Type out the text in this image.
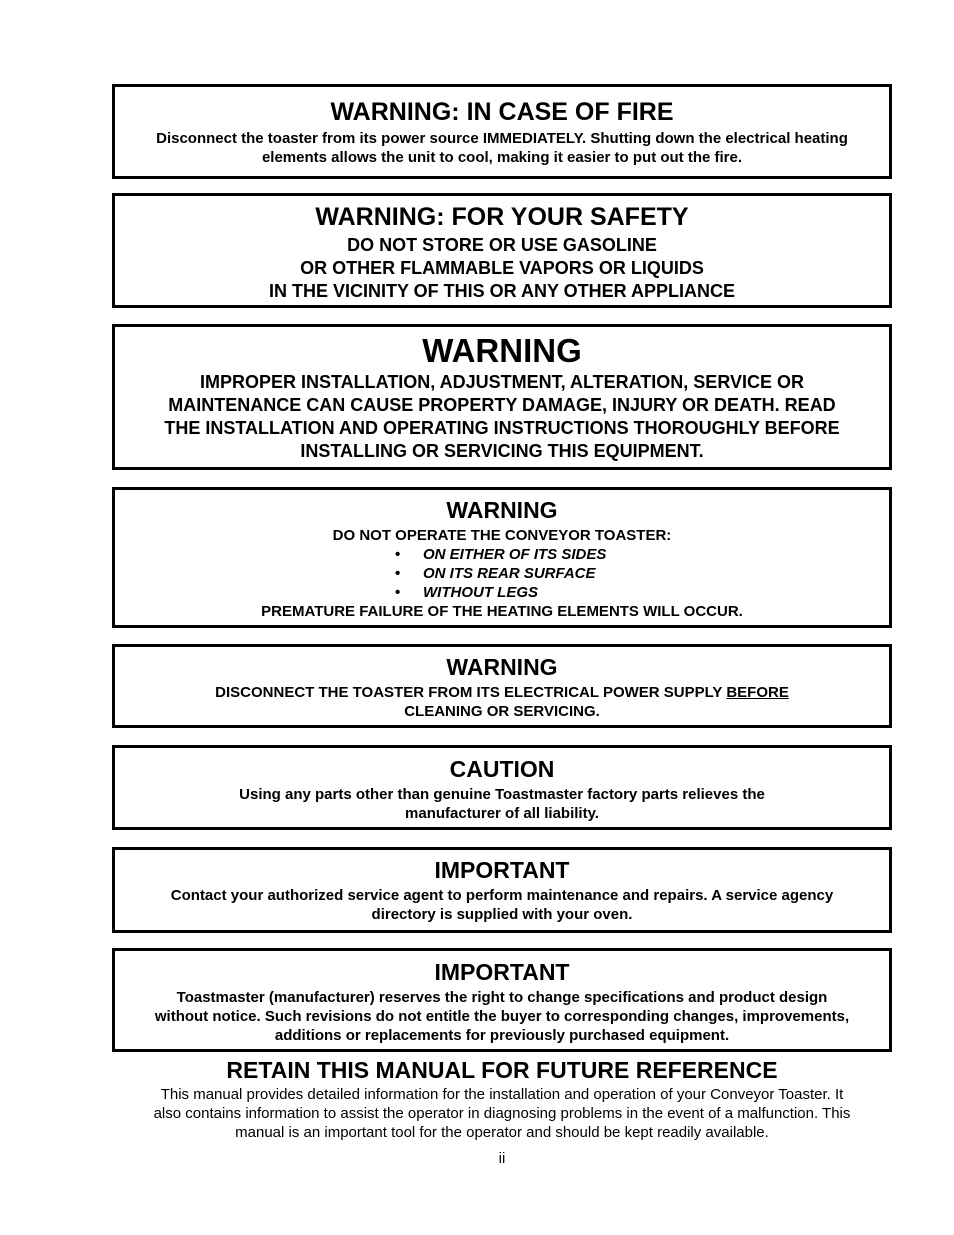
WARNING: IN CASE OF FIRE
Disconnect the toaster from its power source IMMEDIATELY. Shutting down the electrical heating
elements allows the unit to cool, making it easier to put out the fire.
WARNING: FOR YOUR SAFETY
DO NOT STORE OR USE GASOLINE
OR OTHER FLAMMABLE VAPORS OR LIQUIDS
IN THE VICINITY OF THIS OR ANY OTHER APPLIANCE
WARNING
IMPROPER INSTALLATION, ADJUSTMENT, ALTERATION, SERVICE OR
MAINTENANCE CAN CAUSE PROPERTY DAMAGE, INJURY OR DEATH. READ
THE INSTALLATION AND OPERATING INSTRUCTIONS THOROUGHLY BEFORE
INSTALLING OR SERVICING THIS EQUIPMENT.
WARNING
DO NOT OPERATE THE CONVEYOR TOASTER:
• ON EITHER OF ITS SIDES
• ON ITS REAR SURFACE
• WITHOUT LEGS
PREMATURE FAILURE OF THE HEATING ELEMENTS WILL OCCUR.
WARNING
DISCONNECT THE TOASTER FROM ITS ELECTRICAL POWER SUPPLY BEFORE
CLEANING OR SERVICING.
CAUTION
Using any parts other than genuine Toastmaster factory parts relieves the
manufacturer of all liability.
IMPORTANT
Contact your authorized service agent to perform maintenance and repairs. A service agency
directory is supplied with your oven.
IMPORTANT
Toastmaster (manufacturer) reserves the right to change specifications and product design
without notice. Such revisions do not entitle the buyer to corresponding changes, improvements,
additions or replacements for previously purchased equipment.
RETAIN THIS MANUAL FOR FUTURE REFERENCE
This manual provides detailed information for the installation and operation of your Conveyor Toaster. It
also contains information to assist the operator in diagnosing problems in the event of a malfunction. This
manual is an important tool for the operator and should be kept readily available.
ii
